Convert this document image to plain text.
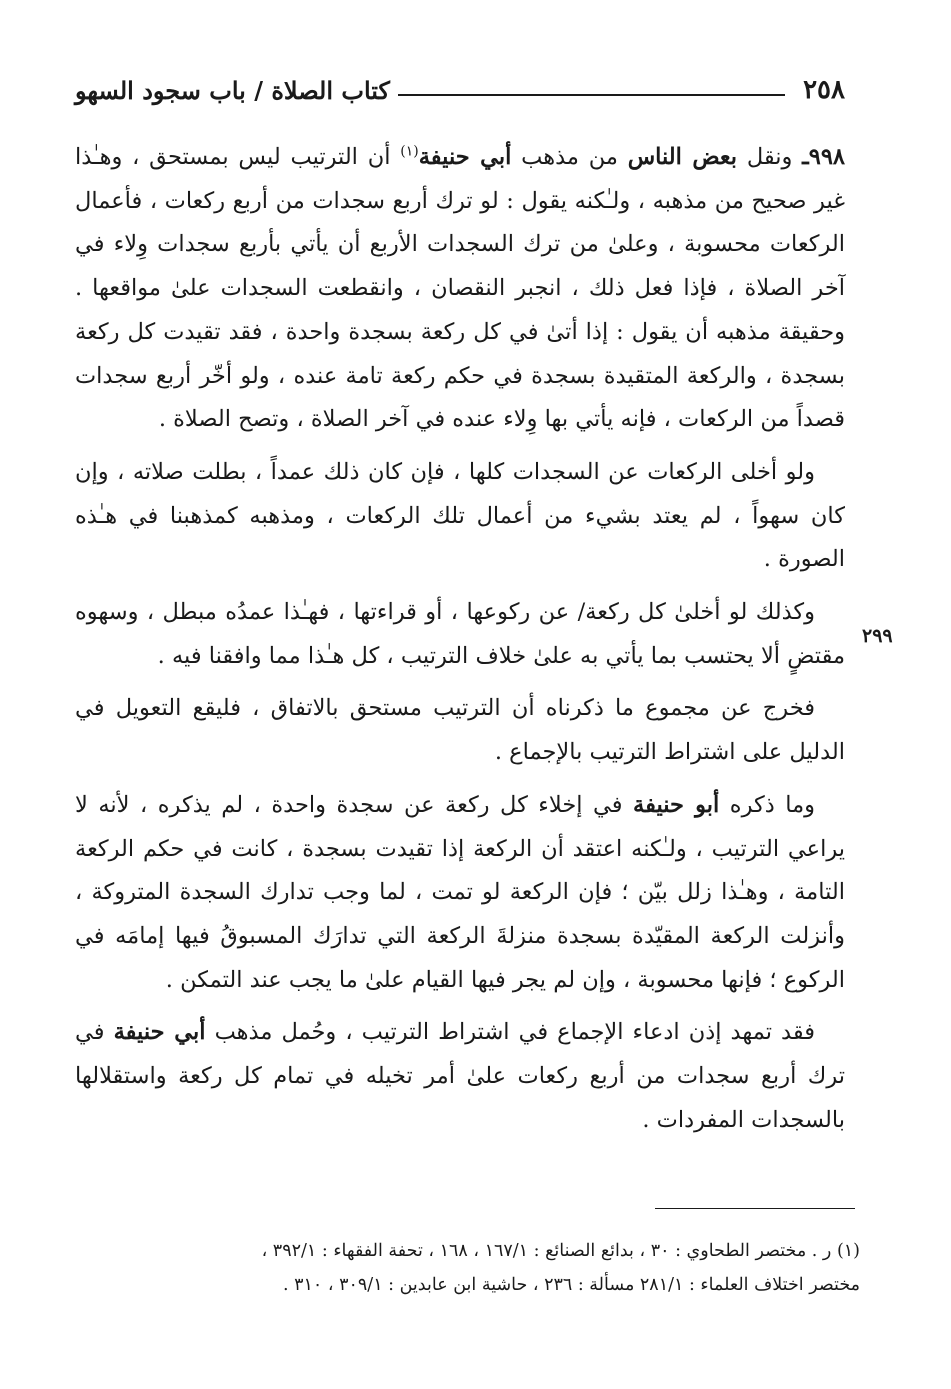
٢٥٨
كتاب الصلاة / باب سجود السهو
٢٩٩

٩٩٨ـ ونقل بعض الناس من مذهب أبي حنيفة$^{(١)}$ أن الترتيب ليس بمستحق ، وهـٰذا غير صحيح من مذهبه ، ولـٰكنه يقول : لو ترك أربع سجدات من أربع ركعات ، فأعمال الركعات محسوبة ، وعلىٰ من ترك السجدات الأربع أن يأتي بأربع سجدات وِلاء في آخر الصلاة ، فإذا فعل ذلك ، انجبر النقصان ، وانقطعت السجدات علىٰ مواقعها . وحقيقة مذهبه أن يقول : إذا أتىٰ في كل ركعة بسجدة واحدة ، فقد تقيدت كل ركعة بسجدة ، والركعة المتقيدة بسجدة في حكم ركعة تامة عنده ، ولو أخّر أربع سجدات قصداً من الركعات ، فإنه يأتي بها وِلاء عنده في آخر الصلاة ، وتصح الصلاة .

ولو أخلى الركعات عن السجدات كلها ، فإن كان ذلك عمداً ، بطلت صلاته ، وإن كان سهواً ، لم يعتد بشيء من أعمال تلك الركعات ، ومذهبه كمذهبنا في هـٰذه الصورة .

وكذلك لو أخلىٰ كل ركعة/ عن ركوعها ، أو قراءتها ، فهـٰذا عمدُه مبطل ، وسهوه مقتضٍ ألا يحتسب بما يأتي به علىٰ خلاف الترتيب ، كل هـٰذا مما وافقنا فيه .

فخرج عن مجموع ما ذكرناه أن الترتيب مستحق بالاتفاق ، فليقع التعويل في الدليل على اشتراط الترتيب بالإجماع .

وما ذكره أبو حنيفة في إخلاء كل ركعة عن سجدة واحدة ، لم يذكره ، لأنه لا يراعي الترتيب ، ولـٰكنه اعتقد أن الركعة إذا تقيدت بسجدة ، كانت في حكم الركعة التامة ، وهـٰذا زلل بيّن ؛ فإن الركعة لو تمت ، لما وجب تدارك السجدة المتروكة ، وأنزلت الركعة المقيّدة بسجدة منزلةَ الركعة التي تدارَك المسبوقُ فيها إمامَه في الركوع ؛ فإنها محسوبة ، وإن لم يجر فيها القيام علىٰ ما يجب عند التمكن .

فقد تمهد إذن ادعاء الإجماع في اشتراط الترتيب ، وحُمل مذهب أبي حنيفة في ترك أربع سجدات من أربع ركعات علىٰ أمر تخيله في تمام كل ركعة واستقلالها بالسجدات المفردات .

(١) ر . مختصر الطحاوي : ٣٠ ، بدائع الصنائع : ١٦٧/١ ، ١٦٨ ، تحفة الفقهاء : ٣٩٢/١ ،

مختصر اختلاف العلماء : ٢٨١/١ مسألة : ٢٣٦ ، حاشية ابن عابدين : ٣٠٩/١ ، ٣١٠ .
